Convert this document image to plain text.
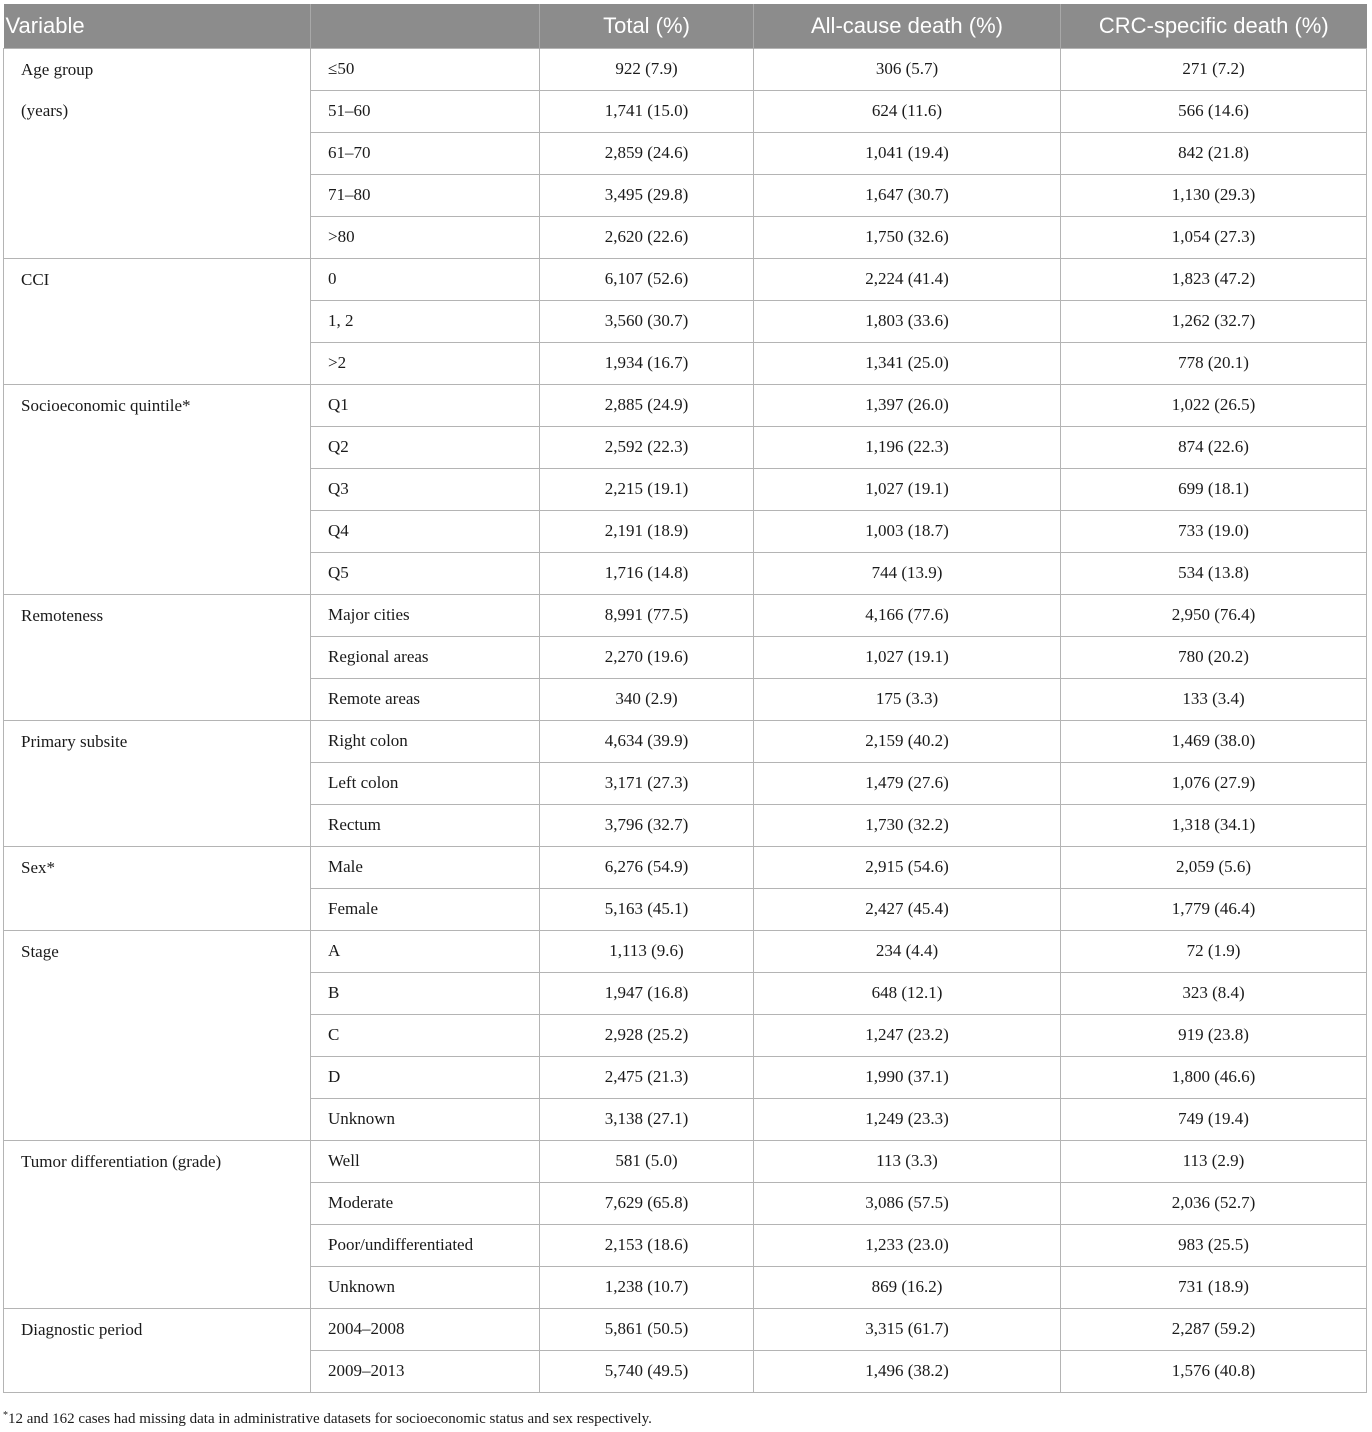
Variable		Total (%)	All-cause death (%)	CRC-specific death (%)

Age group
(years)	≤50	922 (7.9)	306 (5.7)	271 (7.2)
	51–60	1,741 (15.0)	624 (11.6)	566 (14.6)
	61–70	2,859 (24.6)	1,041 (19.4)	842 (21.8)
	71–80	3,495 (29.8)	1,647 (30.7)	1,130 (29.3)
	>80	2,620 (22.6)	1,750 (32.6)	1,054 (27.3)

CCI	0	6,107 (52.6)	2,224 (41.4)	1,823 (47.2)
	1, 2	3,560 (30.7)	1,803 (33.6)	1,262 (32.7)
	>2	1,934 (16.7)	1,341 (25.0)	778 (20.1)

Socioeconomic quintile*	Q1	2,885 (24.9)	1,397 (26.0)	1,022 (26.5)
	Q2	2,592 (22.3)	1,196 (22.3)	874 (22.6)
	Q3	2,215 (19.1)	1,027 (19.1)	699 (18.1)
	Q4	2,191 (18.9)	1,003 (18.7)	733 (19.0)
	Q5	1,716 (14.8)	744 (13.9)	534 (13.8)

Remoteness	Major cities	8,991 (77.5)	4,166 (77.6)	2,950 (76.4)
	Regional areas	2,270 (19.6)	1,027 (19.1)	780 (20.2)
	Remote areas	340 (2.9)	175 (3.3)	133 (3.4)

Primary subsite	Right colon	4,634 (39.9)	2,159 (40.2)	1,469 (38.0)
	Left colon	3,171 (27.3)	1,479 (27.6)	1,076 (27.9)
	Rectum	3,796 (32.7)	1,730 (32.2)	1,318 (34.1)

Sex*	Male	6,276 (54.9)	2,915 (54.6)	2,059 (5.6)
	Female	5,163 (45.1)	2,427 (45.4)	1,779 (46.4)

Stage	A	1,113 (9.6)	234 (4.4)	72 (1.9)
	B	1,947 (16.8)	648 (12.1)	323 (8.4)
	C	2,928 (25.2)	1,247 (23.2)	919 (23.8)
	D	2,475 (21.3)	1,990 (37.1)	1,800 (46.6)
	Unknown	3,138 (27.1)	1,249 (23.3)	749 (19.4)

Tumor differentiation (grade)	Well	581 (5.0)	113 (3.3)	113 (2.9)
	Moderate	7,629 (65.8)	3,086 (57.5)	2,036 (52.7)
	Poor/undifferentiated	2,153 (18.6)	1,233 (23.0)	983 (25.5)
	Unknown	1,238 (10.7)	869 (16.2)	731 (18.9)

Diagnostic period	2004–2008	5,861 (50.5)	3,315 (61.7)	2,287 (59.2)
	2009–2013	5,740 (49.5)	1,496 (38.2)	1,576 (40.8)
*12 and 162 cases had missing data in administrative datasets for socioeconomic status and sex respectively.
